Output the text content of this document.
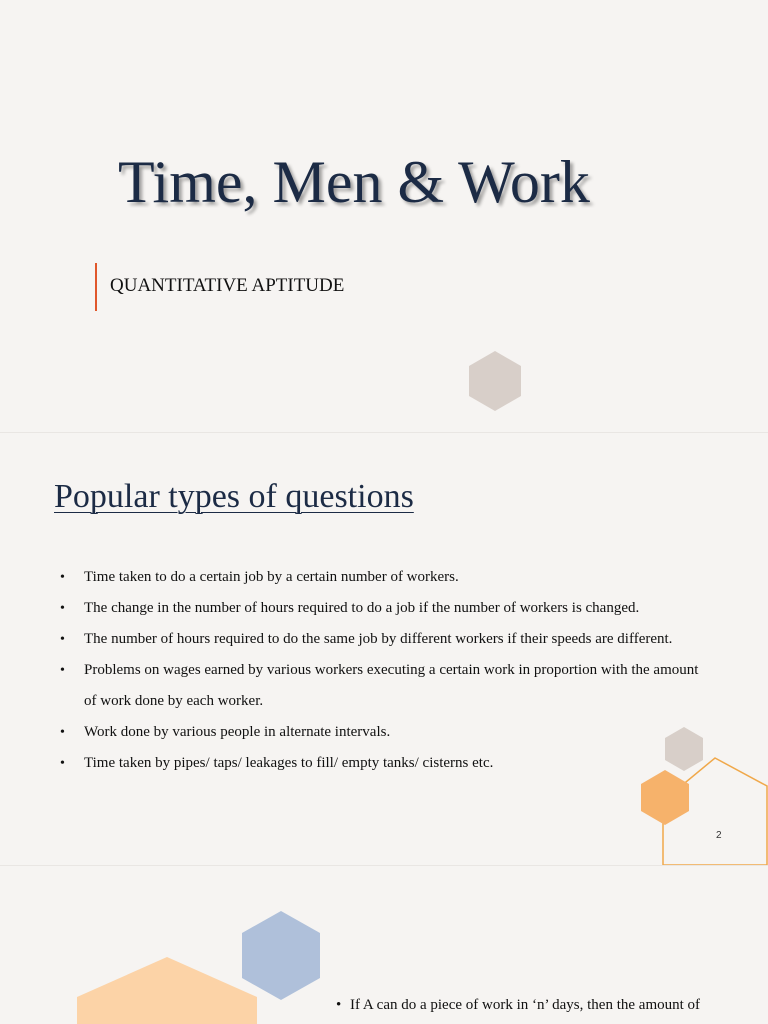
Time, Men & Work
QUANTITATIVE APTITUDE
Popular types of questions
• Time taken to do a certain job by a certain number of workers.
• The change in the number of hours required to do a job if the number of workers is changed.
• The number of hours required to do the same job by different workers if their speeds are different.
• Problems on wages earned by various workers executing a certain work in proportion with the amount of work done by each worker.
• Work done by various people in alternate intervals.
• Time taken by pipes/ taps/ leakages to fill/ empty tanks/ cisterns etc.
2
• If A can do a piece of work in ‘n’ days, then the amount of
